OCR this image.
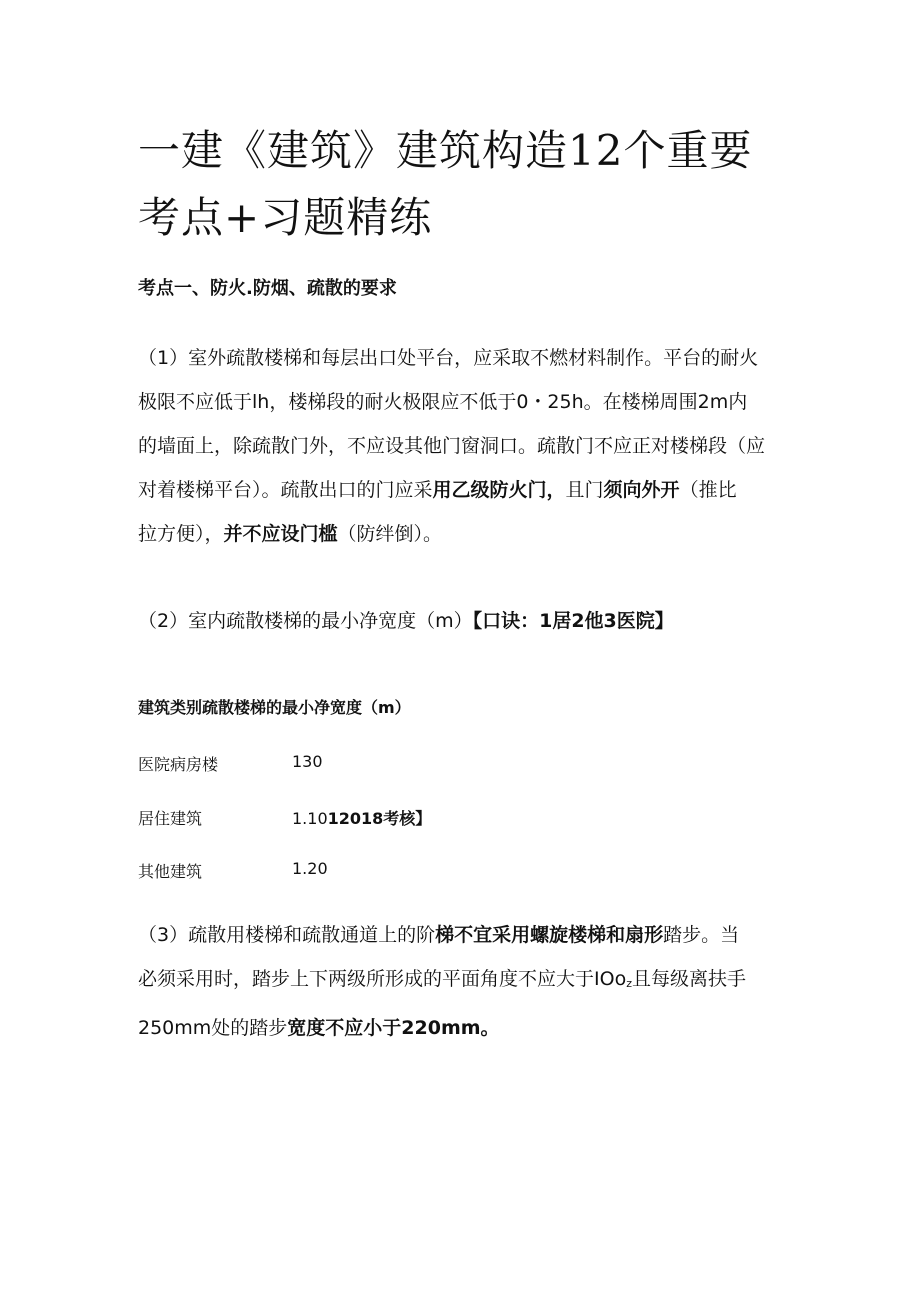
一建《建筑》建筑构造12个重要
考点+习题精练
考点一、防火.防烟、疏散的要求
（1）室外疏散楼梯和每层出口处平台，应采取不燃材料制作。平台的耐火
极限不应低于lh，楼梯段的耐火极限应不低于0・25h。在楼梯周围2m内
的墙面上，除疏散门外，不应设其他门窗洞口。疏散门不应正对楼梯段（应
对着楼梯平台）。疏散出口的门应采用乙级防火门，且门须向外开（推比
拉方便），并不应设门槛（防绊倒）。
（2）室内疏散楼梯的最小净宽度（m）【口诀：1居2他3医院】
建筑类别疏散楼梯的最小净宽度（m）
医院病房楼	130
居住建筑	1.1012018考核】
其他建筑	1.20
（3）疏散用楼梯和疏散通道上的阶梯不宜采用螺旋楼梯和扇形踏步。当
必须采用时，踏步上下两级所形成的平面角度不应大于IOo$_z$且每级离扶手
250mm处的踏步宽度不应小于220mm。
